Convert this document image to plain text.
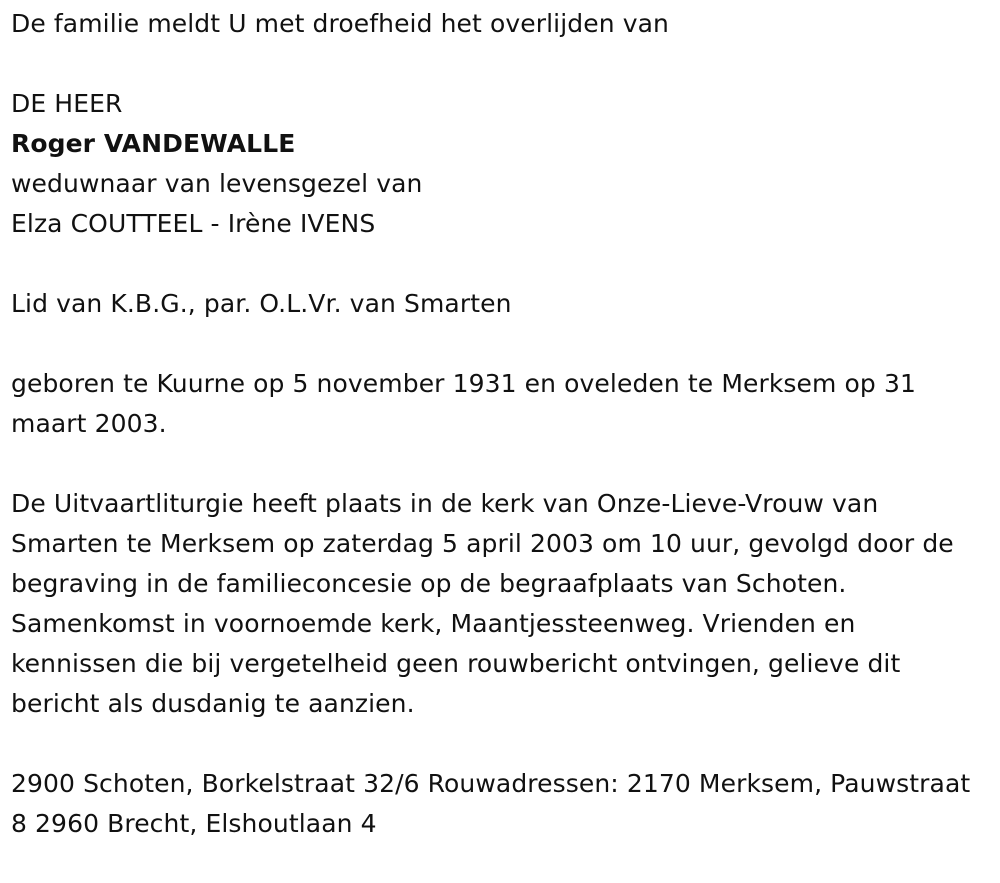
De familie meldt U met droefheid het overlijden van
DE HEER
Roger VANDEWALLE
weduwnaar van levensgezel van
Elza COUTTEEL - Irène IVENS
Lid van K.B.G., par. O.L.Vr. van Smarten
geboren te Kuurne op 5 november 1931 en oveleden te Merksem op 31 maart 2003.
De Uitvaartliturgie heeft plaats in de kerk van Onze-Lieve-Vrouw van Smarten te Merksem op zaterdag 5 april 2003 om 10 uur, gevolgd door de begraving in de familieconcesie op de begraafplaats van Schoten. Samenkomst in voornoemde kerk, Maantjessteenweg. Vrienden en kennissen die bij vergetelheid geen rouwbericht ontvingen, gelieve dit bericht als dusdanig te aanzien.
2900 Schoten, Borkelstraat 32/6 Rouwadressen: 2170 Merksem, Pauwstraat 8 2960 Brecht, Elshoutlaan 4
